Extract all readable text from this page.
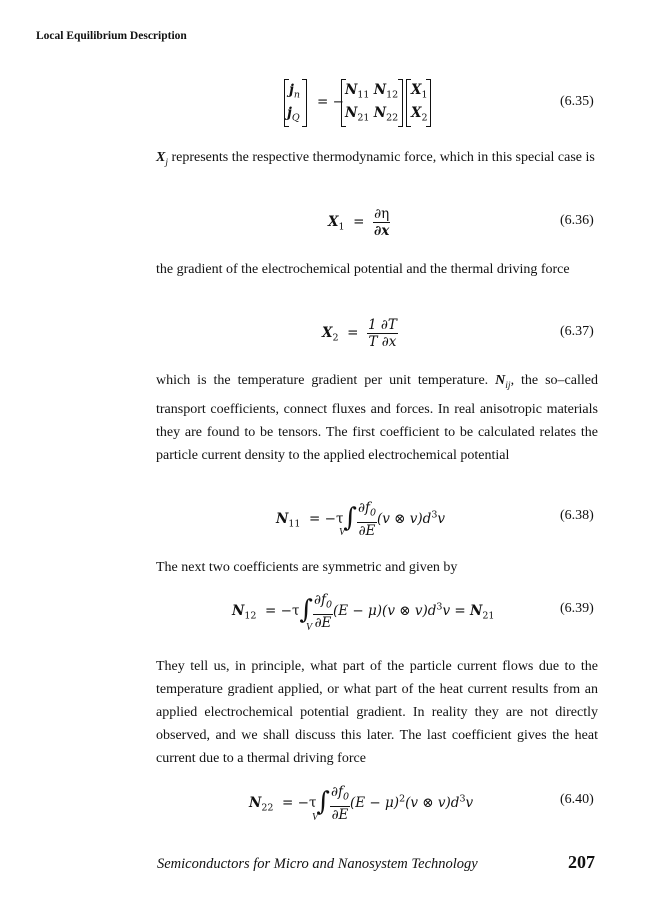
Local Equilibrium Description
$j_n$
$j_Q$
= −
$N_{11}$ $N_{12}$
$N_{21}$ $N_{22}$
$X_1$
$X_2$
(6.35)
$X_j$ represents the respective thermodynamic force, which in this special case is
$X_1 = \frac{\partial\eta}{\partial x}$	(6.36)
the gradient of the electrochemical potential and the thermal driving force
$X_2 = \frac{1 \partial T}{T \partial x}$	(6.37)
which is the temperature gradient per unit temperature. $N_{ij}$, the so–called transport coefficients, connect fluxes and forces. In real anisotropic materials they are found to be tensors. The first coefficient to be calculated relates the particle current density to the applied electrochemical potential
$N_{11} = -\tau\int \frac{\partial f_0}{\partial E} (v$ ⊗ $v)d^3v$
V
(6.38)
The next two coefficients are symmetric and given by
$N_{12} = -\tau\int \frac{\partial f_0}{\partial E} (E - \mu)(v$ ⊗ $v)d^3v = N_{21}$
V
(6.39)
They tell us, in principle, what part of the particle current flows due to the temperature gradient applied, or what part of the heat current results from an applied electrochemical potential gradient. In reality they are not directly observed, and we shall discuss this later. The last coefficient gives the heat current due to a thermal driving force
$N_{22} = -\tau\int \frac{\partial f_0}{\partial E} (E - \mu)^2(v$ ⊗ $v)d^3v$
V
(6.40)
Semiconductors for Micro and Nanosystem Technology	207
